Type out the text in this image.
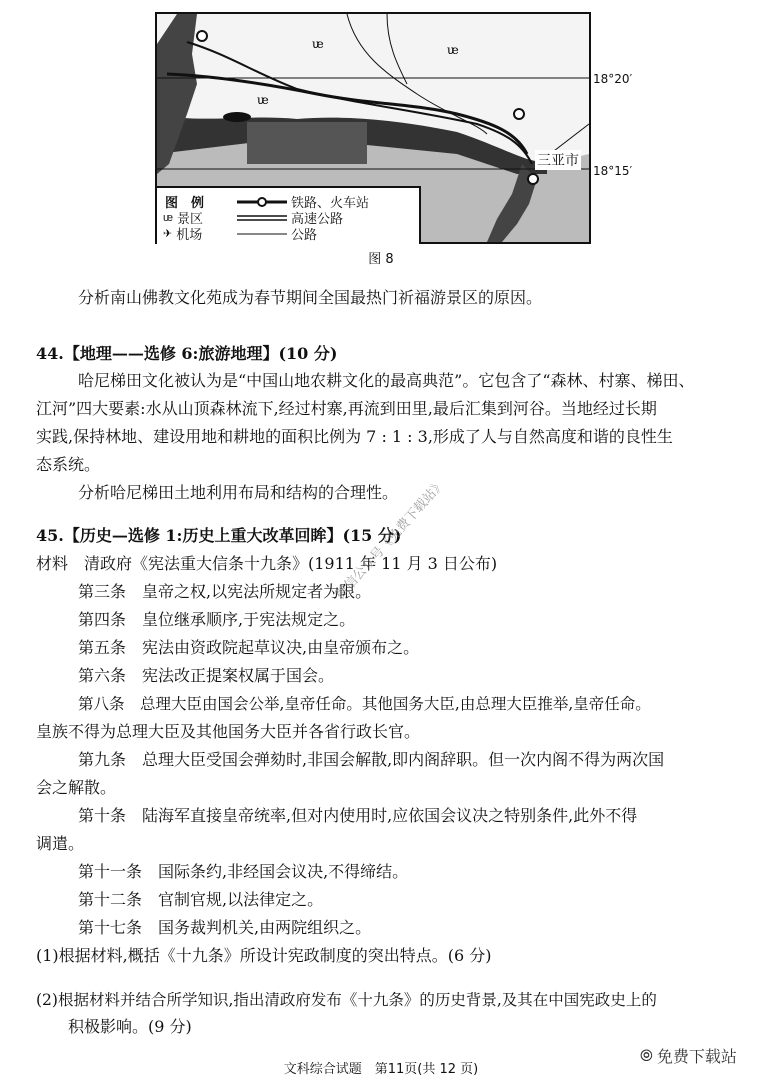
ᵫ	ᵫ
ᵫ
18°20′
18°15′
三亚市
图　例
ᵫ 景区
✈ 机场
铁路、火车站
高速公路
公路
图 8
分析南山佛教文化苑成为春节期间全国最热门祈福游景区的原因。
44.【地理——选修 6:旅游地理】(10 分)
哈尼梯田文化被认为是“中国山地农耕文化的最高典范”。它包含了“森林、村寨、梯田、
江河”四大要素:水从山顶森林流下,经过村寨,再流到田里,最后汇集到河谷。当地经过长期
实践,保持林地、建设用地和耕地的面积比例为 7 : 1 : 3,形成了人与自然高度和谐的良性生
态系统。
分析哈尼梯田土地利用布局和结构的合理性。
45.【历史—选修 1:历史上重大改革回眸】(15 分)
材料　清政府《宪法重大信条十九条》(1911 年 11 月 3 日公布)
第三条　皇帝之权,以宪法所规定者为限。
第四条　皇位继承顺序,于宪法规定之。
第五条　宪法由资政院起草议决,由皇帝颁布之。
第六条　宪法改正提案权属于国会。
第八条　总理大臣由国会公举,皇帝任命。其他国务大臣,由总理大臣推举,皇帝任命。
皇族不得为总理大臣及其他国务大臣并各省行政长官。
第九条　总理大臣受国会弹劾时,非国会解散,即内阁辞职。但一次内阁不得为两次国
会之解散。
第十条　陆海军直接皇帝统率,但对内使用时,应依国会议决之特别条件,此外不得
调遣。
第十一条　国际条约,非经国会议决,不得缔结。
第十二条　官制官规,以法律定之。
第十七条　国务裁判机关,由两院组织之。
(1)根据材料,概括《十九条》所设计宪政制度的突出特点。(6 分)
(2)根据材料并结合所学知识,指出清政府发布《十九条》的历史背景,及其在中国宪政史上的
积极影响。(9 分)
微信公众号《免费下载站》
文科综合试题　第11页(共 12 页)
⦾ 免费下载站
